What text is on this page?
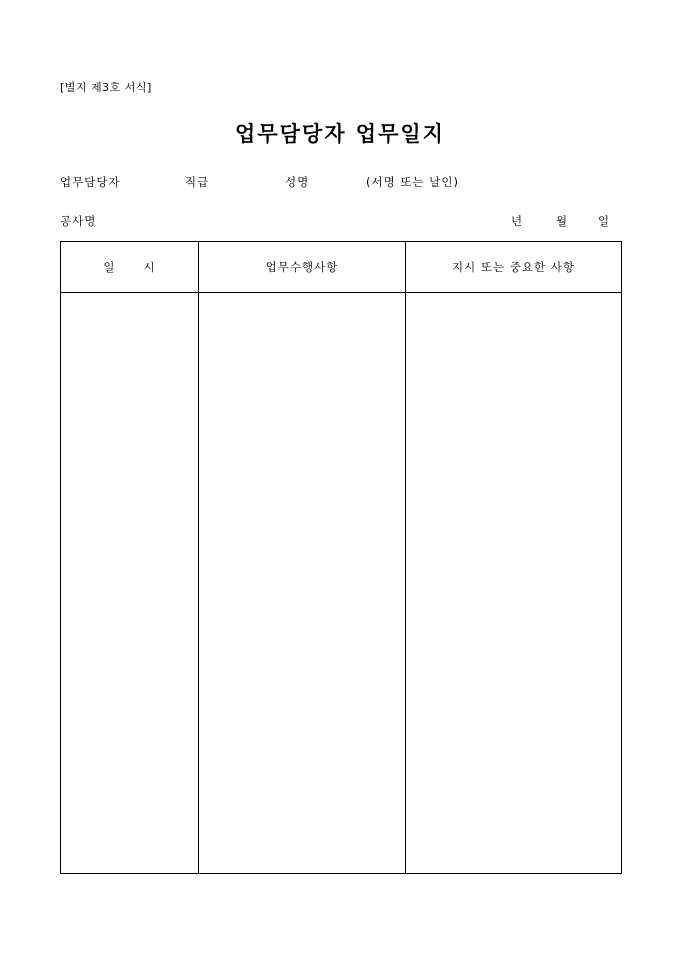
[별지 제3호 서식]
업무담당자 업무일지
업무담당자	직급	성명	(서명 또는 날인)
공사명	년	월	일
일      시	업무수행사항	지시 또는 중요한 사항
